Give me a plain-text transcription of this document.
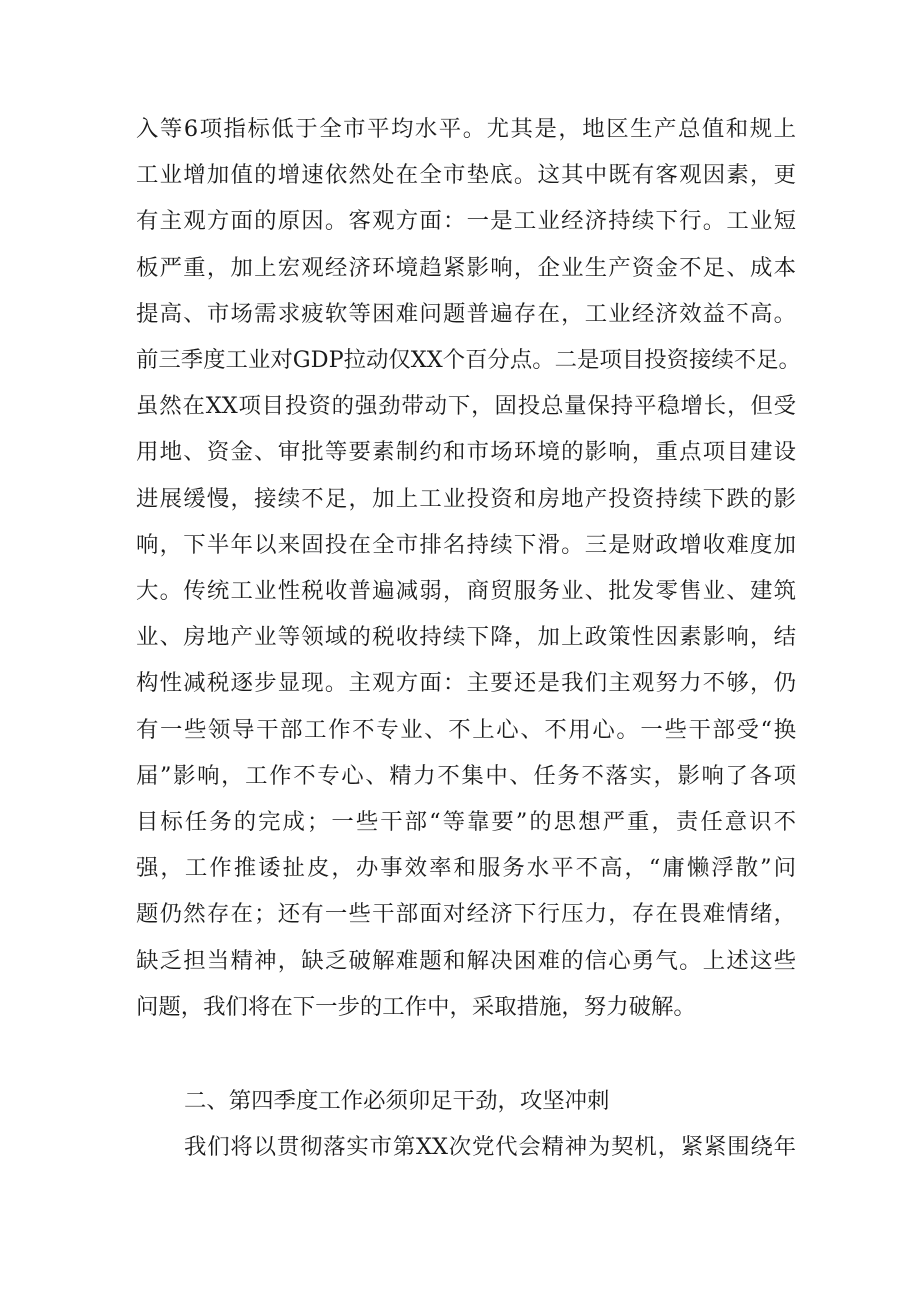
入等6项指标低于全市平均水平。尤其是，地区生产总值和规上
工业增加值的增速依然处在全市垫底。这其中既有客观因素，更
有主观方面的原因。客观方面：一是工业经济持续下行。工业短
板严重，加上宏观经济环境趋紧影响，企业生产资金不足、成本
提高、市场需求疲软等困难问题普遍存在，工业经济效益不高。
前三季度工业对GDP拉动仅XX个百分点。二是项目投资接续不足。
虽然在XX项目投资的强劲带动下，固投总量保持平稳增长，但受
用地、资金、审批等要素制约和市场环境的影响，重点项目建设
进展缓慢，接续不足，加上工业投资和房地产投资持续下跌的影
响，下半年以来固投在全市排名持续下滑。三是财政增收难度加
大。传统工业性税收普遍减弱，商贸服务业、批发零售业、建筑
业、房地产业等领域的税收持续下降，加上政策性因素影响，结
构性减税逐步显现。主观方面：主要还是我们主观努力不够，仍
有一些领导干部工作不专业、不上心、不用心。一些干部受“换
届”影响，工作不专心、精力不集中、任务不落实，影响了各项
目标任务的完成；一些干部“等靠要”的思想严重，责任意识不
强，工作推诿扯皮，办事效率和服务水平不高，“庸懒浮散”问
题仍然存在；还有一些干部面对经济下行压力，存在畏难情绪，
缺乏担当精神，缺乏破解难题和解决困难的信心勇气。上述这些
问题，我们将在下一步的工作中，采取措施，努力破解。
二、第四季度工作必须卯足干劲，攻坚冲刺
我们将以贯彻落实市第XX次党代会精神为契机，紧紧围绕年
